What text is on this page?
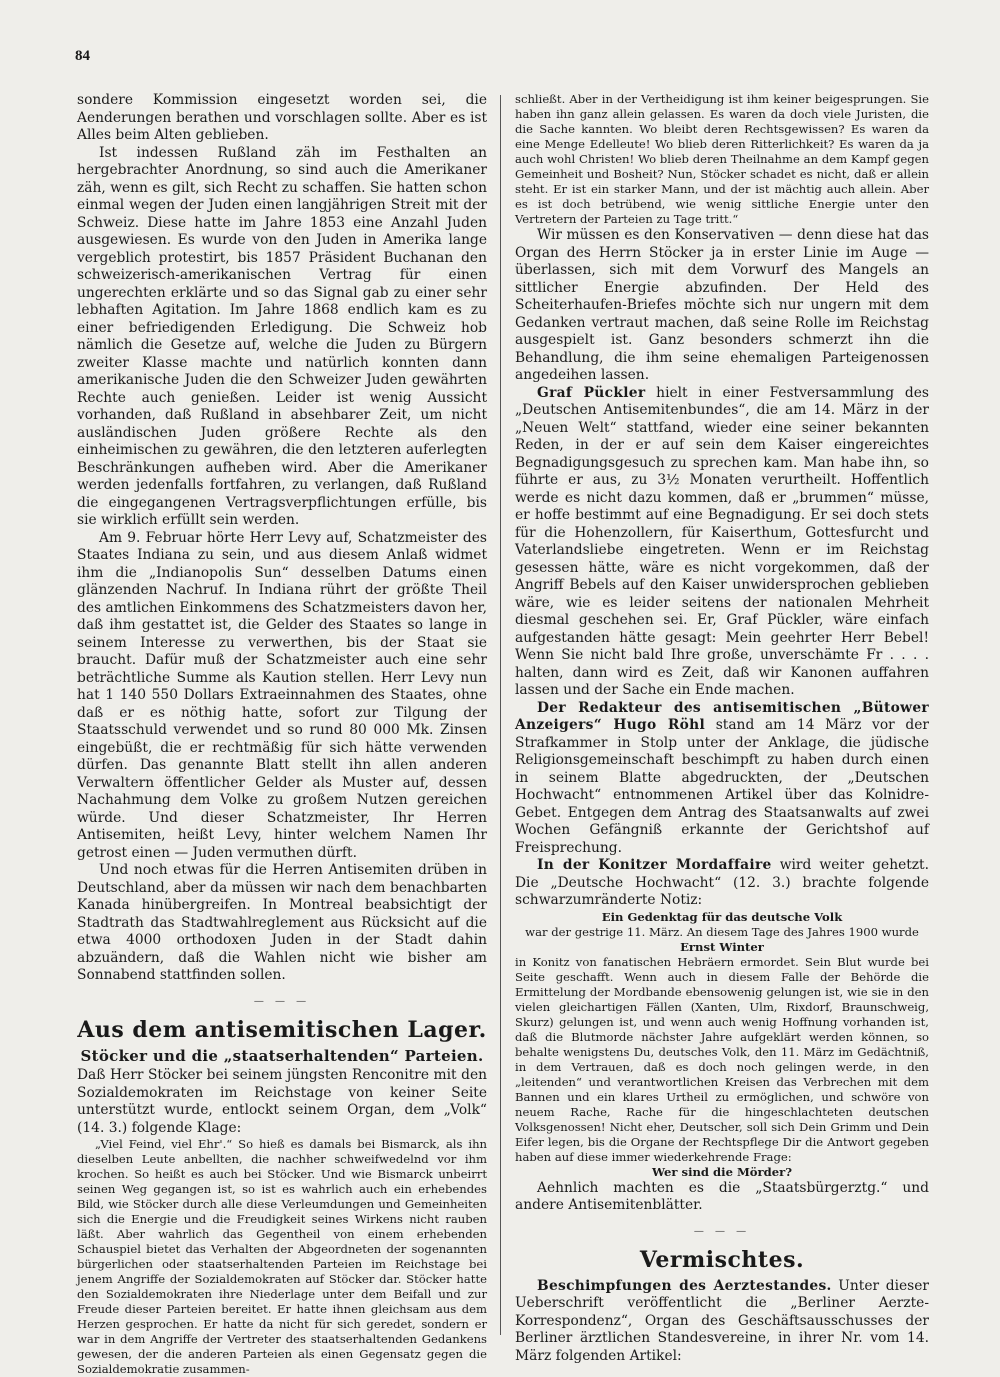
84

sondere Kommission eingesetzt worden sei, die Aenderungen berathen und vorschlagen sollte. Aber es ist Alles beim Alten geblieben.

Ist indessen Rußland zäh im Festhalten an hergebrachter Anordnung, so sind auch die Amerikaner zäh, wenn es gilt, sich Recht zu schaffen. Sie hatten schon einmal wegen der Juden einen langjährigen Streit mit der Schweiz. Diese hatte im Jahre 1853 eine Anzahl Juden ausgewiesen. Es wurde von den Juden in Amerika lange vergeblich protestirt, bis 1857 Präsident Buchanan den schweizerisch-amerikanischen Vertrag für einen ungerechten erklärte und so das Signal gab zu einer sehr lebhaften Agitation. Im Jahre 1868 endlich kam es zu einer befriedigenden Erledigung. Die Schweiz hob nämlich die Gesetze auf, welche die Juden zu Bürgern zweiter Klasse machte und natürlich konnten dann amerikanische Juden die den Schweizer Juden gewährten Rechte auch genießen. Leider ist wenig Aussicht vorhanden, daß Rußland in absehbarer Zeit, um nicht ausländischen Juden größere Rechte als den einheimischen zu gewähren, die den letzteren auferlegten Beschränkungen aufheben wird. Aber die Amerikaner werden jedenfalls fortfahren, zu verlangen, daß Rußland die eingegangenen Vertragsverpflichtungen erfülle, bis sie wirklich erfüllt sein werden.

Am 9. Februar hörte Herr Levy auf, Schatzmeister des Staates Indiana zu sein, und aus diesem Anlaß widmet ihm die „Indianopolis Sun“ desselben Datums einen glänzenden Nachruf. In Indiana rührt der größte Theil des amtlichen Einkommens des Schatzmeisters davon her, daß ihm gestattet ist, die Gelder des Staates so lange in seinem Interesse zu verwerthen, bis der Staat sie braucht. Dafür muß der Schatzmeister auch eine sehr beträchtliche Summe als Kaution stellen. Herr Levy nun hat 1 140 550 Dollars Extraeinnahmen des Staates, ohne daß er es nöthig hatte, sofort zur Tilgung der Staatsschuld verwendet und so rund 80 000 Mk. Zinsen eingebüßt, die er rechtmäßig für sich hätte verwenden dürfen. Das genannte Blatt stellt ihn allen anderen Verwaltern öffentlicher Gelder als Muster auf, dessen Nachahmung dem Volke zu großem Nutzen gereichen würde. Und dieser Schatzmeister, Ihr Herren Antisemiten, heißt Levy, hinter welchem Namen Ihr getrost einen — Juden vermuthen dürft.

Und noch etwas für die Herren Antisemiten drüben in Deutschland, aber da müssen wir nach dem benachbarten Kanada hinübergreifen. In Montreal beabsichtigt der Stadtrath das Stadtwahlreglement aus Rücksicht auf die etwa 4000 orthodoxen Juden in der Stadt dahin abzuändern, daß die Wahlen nicht wie bisher am Sonnabend stattfinden sollen.

— — —
Aus dem antisemitischen Lager.
Stöcker und die „staatserhaltenden“ Parteien.

Daß Herr Stöcker bei seinem jüngsten Renconitre mit den Sozialdemokraten im Reichstage von keiner Seite unterstützt wurde, entlockt seinem Organ, dem „Volk“ (14. 3.) folgende Klage:

„Viel Feind, viel Ehr'.“ So hieß es damals bei Bismarck, als ihn dieselben Leute anbellten, die nachher schweifwedelnd vor ihm krochen. So heißt es auch bei Stöcker. Und wie Bismarck unbeirrt seinen Weg gegangen ist, so ist es wahrlich auch ein erhebendes Bild, wie Stöcker durch alle diese Verleumdungen und Gemeinheiten sich die Energie und die Freudigkeit seines Wirkens nicht rauben läßt. Aber wahrlich das Gegentheil von einem erhebenden Schauspiel bietet das Verhalten der Abgeordneten der sogenannten bürgerlichen oder staatserhaltenden Parteien im Reichstage bei jenem Angriffe der Sozialdemokraten auf Stöcker dar. Stöcker hatte den Sozialdemokraten ihre Niederlage unter dem Beifall und zur Freude dieser Parteien bereitet. Er hatte ihnen gleichsam aus dem Herzen gesprochen. Er hatte da nicht für sich geredet, sondern er war in dem Angriffe der Vertreter des staatserhaltenden Gedankens gewesen, der die anderen Parteien als einen Gegensatz gegen die Sozialdemokratie zusammen-

schließt. Aber in der Vertheidigung ist ihm keiner beigesprungen. Sie haben ihn ganz allein gelassen. Es waren da doch viele Juristen, die die Sache kannten. Wo bleibt deren Rechtsgewissen? Es waren da eine Menge Edelleute! Wo blieb deren Ritterlichkeit? Es waren da ja auch wohl Christen! Wo blieb deren Theilnahme an dem Kampf gegen Gemeinheit und Bosheit? Nun, Stöcker schadet es nicht, daß er allein steht. Er ist ein starker Mann, und der ist mächtig auch allein. Aber es ist doch betrübend, wie wenig sittliche Energie unter den Vertretern der Parteien zu Tage tritt.“

Wir müssen es den Konservativen — denn diese hat das Organ des Herrn Stöcker ja in erster Linie im Auge — überlassen, sich mit dem Vorwurf des Mangels an sittlicher Energie abzufinden. Der Held des Scheiterhaufen-Briefes möchte sich nur ungern mit dem Gedanken vertraut machen, daß seine Rolle im Reichstag ausgespielt ist. Ganz besonders schmerzt ihn die Behandlung, die ihm seine ehemaligen Parteigenossen angedeihen lassen.

Graf Pückler hielt in einer Festversammlung des „Deutschen Antisemitenbundes“, die am 14. März in der „Neuen Welt“ stattfand, wieder eine seiner bekannten Reden, in der er auf sein dem Kaiser eingereichtes Begnadigungsgesuch zu sprechen kam. Man habe ihn, so führte er aus, zu 3½ Monaten verurtheilt. Hoffentlich werde es nicht dazu kommen, daß er „brummen“ müsse, er hoffe bestimmt auf eine Begnadigung. Er sei doch stets für die Hohenzollern, für Kaiserthum, Gottesfurcht und Vaterlandsliebe eingetreten. Wenn er im Reichstag gesessen hätte, wäre es nicht vorgekommen, daß der Angriff Bebels auf den Kaiser unwidersprochen geblieben wäre, wie es leider seitens der nationalen Mehrheit diesmal geschehen sei. Er, Graf Pückler, wäre einfach aufgestanden hätte gesagt: Mein geehrter Herr Bebel! Wenn Sie nicht bald Ihre große, unverschämte Fr . . . . halten, dann wird es Zeit, daß wir Kanonen auffahren lassen und der Sache ein Ende machen.

Der Redakteur des antisemitischen „Bütower Anzeigers“ Hugo Röhl stand am 14 März vor der Strafkammer in Stolp unter der Anklage, die jüdische Religionsgemeinschaft beschimpft zu haben durch einen in seinem Blatte abgedruckten, der „Deutschen Hochwacht“ entnommenen Artikel über das Kolnidre-Gebet. Entgegen dem Antrag des Staatsanwalts auf zwei Wochen Gefängniß erkannte der Gerichtshof auf Freisprechung.

In der Konitzer Mordaffaire wird weiter gehetzt. Die „Deutsche Hochwacht“ (12. 3.) brachte folgende schwarzumränderte Notiz:

Ein Gedenktag für das deutsche Volk

war der gestrige 11. März. An diesem Tage des Jahres 1900 wurde

Ernst Winter

in Konitz von fanatischen Hebräern ermordet. Sein Blut wurde bei Seite geschafft. Wenn auch in diesem Falle der Behörde die Ermittelung der Mordbande ebensowenig gelungen ist, wie sie in den vielen gleichartigen Fällen (Xanten, Ulm, Rixdorf, Braunschweig, Skurz) gelungen ist, und wenn auch wenig Hoffnung vorhanden ist, daß die Blutmorde nächster Jahre aufgeklärt werden können, so behalte wenigstens Du, deutsches Volk, den 11. März im Gedächtniß, in dem Vertrauen, daß es doch noch gelingen werde, in den „leitenden“ und verantwortlichen Kreisen das Verbrechen mit dem Bannen und ein klares Urtheil zu ermöglichen, und schwöre von neuem Rache, Rache für die hingeschlachteten deutschen Volksgenossen! Nicht eher, Deutscher, soll sich Dein Grimm und Dein Eifer legen, bis die Organe der Rechtspflege Dir die Antwort gegeben haben auf diese immer wiederkehrende Frage:

Wer sind die Mörder?

Aehnlich machten es die „Staatsbürgerztg.“ und andere Antisemitenblätter.

— — —
Vermischtes.

Beschimpfungen des Aerztestandes. Unter dieser Ueberschrift veröffentlicht die „Berliner Aerzte-Korrespondenz“, Organ des Geschäftsausschusses der Berliner ärztlichen Standesvereine, in ihrer Nr. vom 14. März folgenden Artikel:
